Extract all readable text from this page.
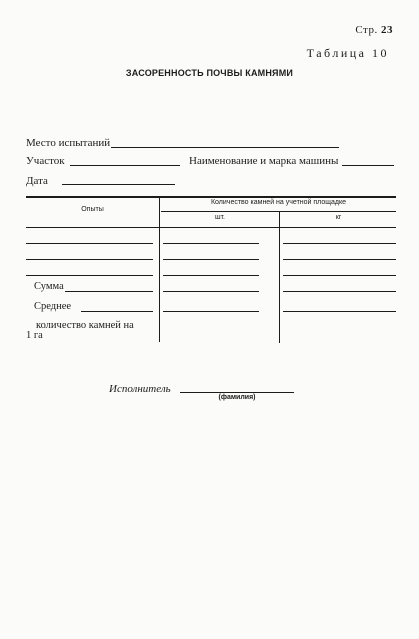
Стр. 23
Таблица 10
ЗАСОРЕННОСТЬ ПОЧВЫ КАМНЯМИ
Место испытаний
Участок	Наименование и марка машины
Дата
Опыты
Количество камней на учетной площадке
шт.	кг
Сумма
Среднее
количество камней на
1 га
Исполнитель
(фамилия)
